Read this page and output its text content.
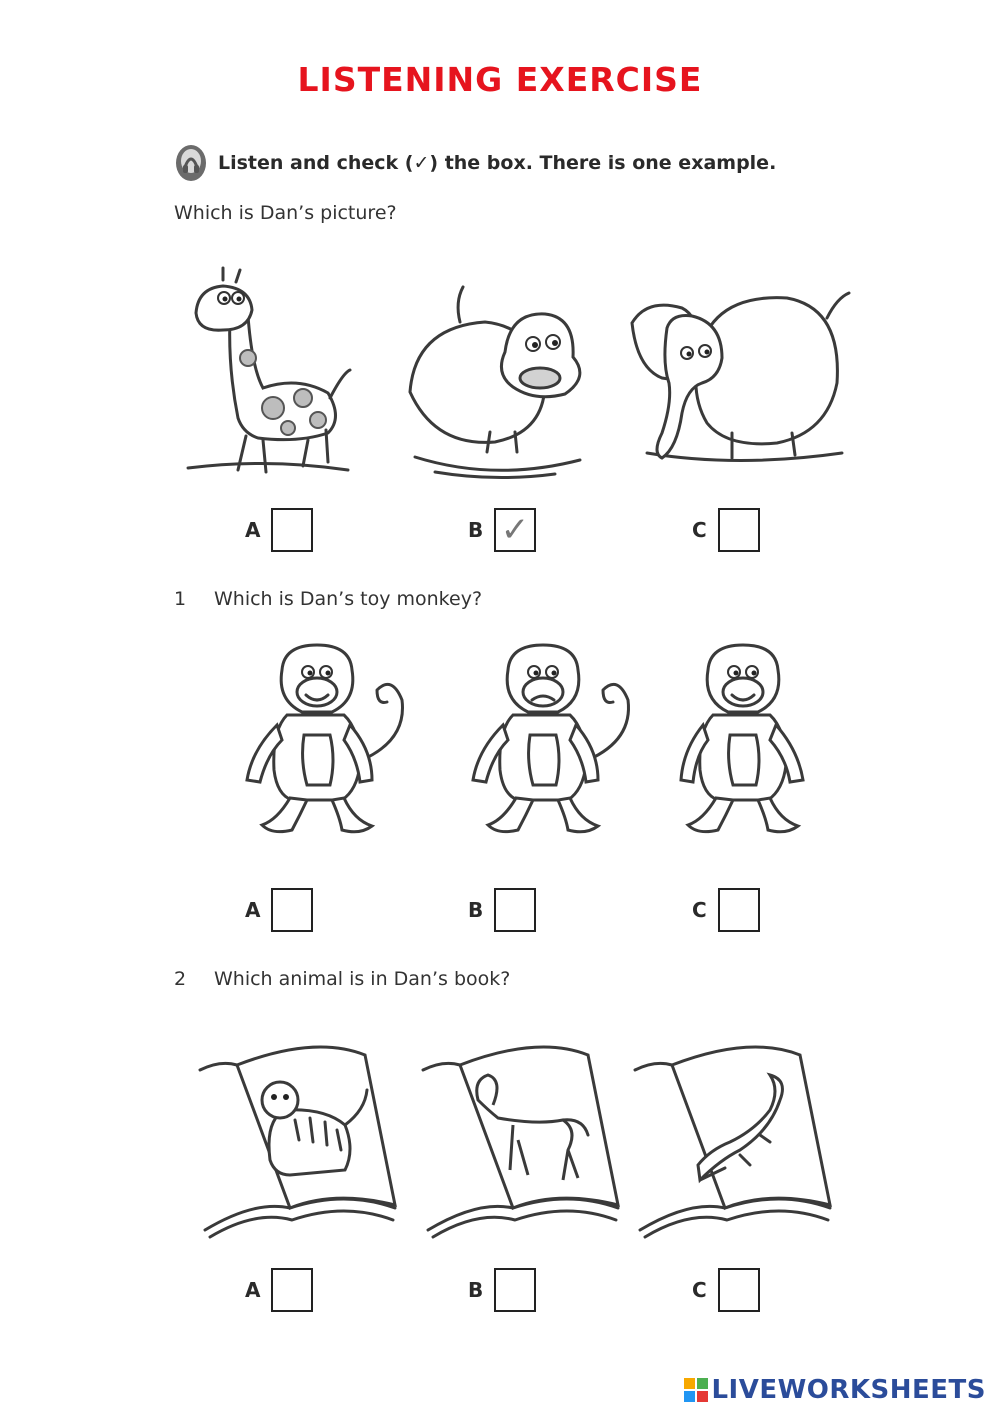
LISTENING EXERCISE
Listen and check (✓) the box. There is one example.
Which is Dan’s picture?
A	B ✓	C
1 Which is Dan’s toy monkey?
A	B	C
2 Which animal is in Dan’s book?
A	B	C
LIVEWORKSHEETS
